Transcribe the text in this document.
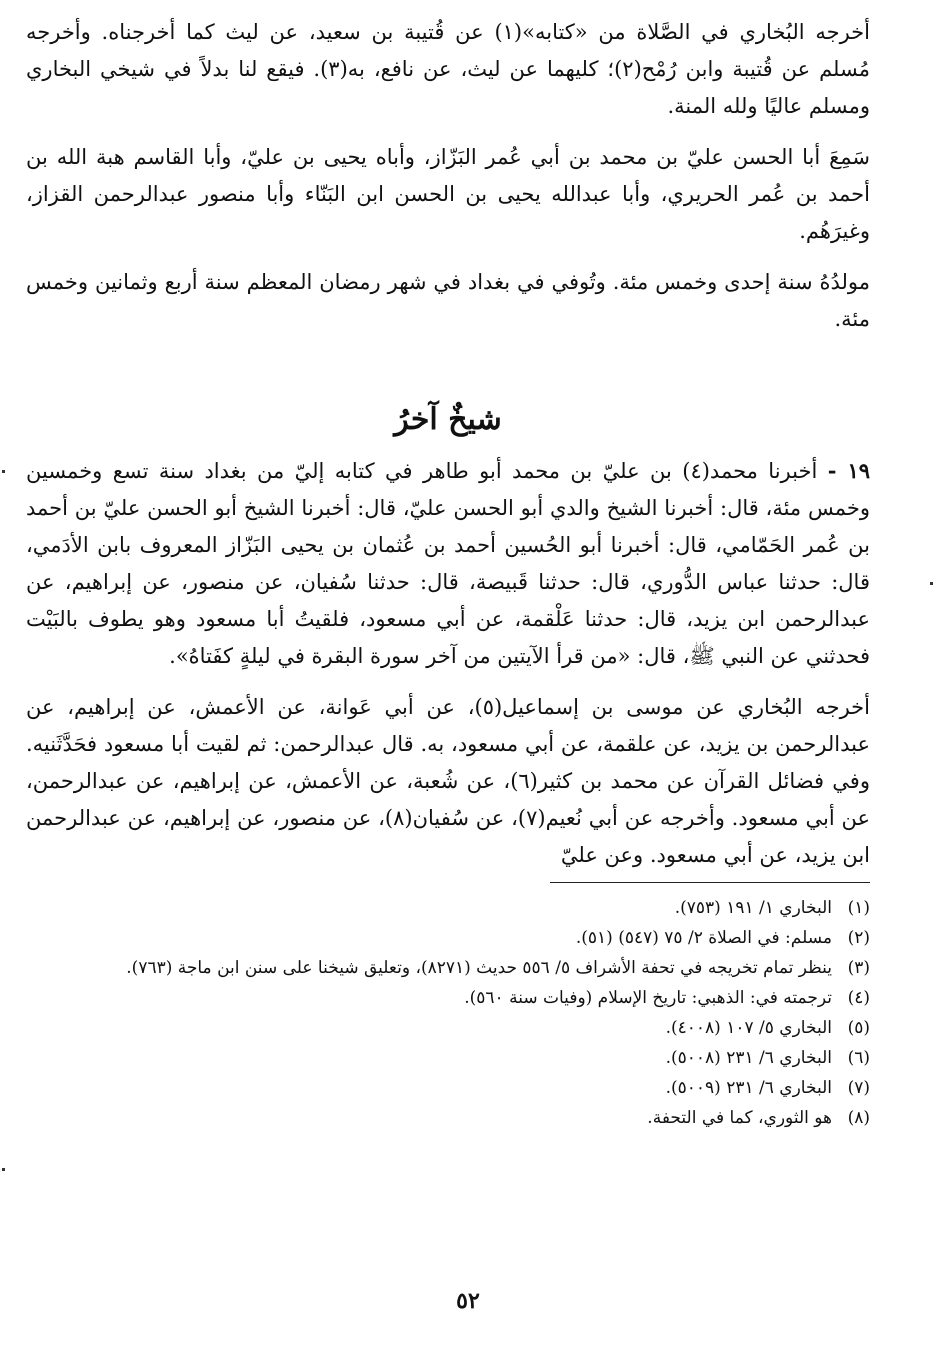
أخرجه البُخاري في الصَّلاة من «كتابه»(١) عن قُتيبة بن سعيد، عن ليث كما أخرجناه. وأخرجه مُسلم عن قُتيبة وابن رُمْح(٢)؛ كليهما عن ليث، عن نافع، به(٣). فيقع لنا بدلاً في شيخي البخاري ومسلم عاليًا ولله المنة.

سَمِعَ أبا الحسن عليّ بن محمد بن أبي عُمر البَزّاز، وأباه يحيى بن عليّ، وأبا القاسم هبة الله بن أحمد بن عُمر الحريري، وأبا عبدالله يحيى بن الحسن ابن البَنّاء وأبا منصور عبدالرحمن القزاز، وغيرَهُم.

مولدُهُ سنة إحدى وخمس مئة. وتُوفي في بغداد في شهر رمضان المعظم سنة أربع وثمانين وخمس مئة.

شيخٌ آخرُ

١٩ - أخبرنا محمد(٤) بن عليّ بن محمد أبو طاهر في كتابه إليّ من بغداد سنة تسع وخمسين وخمس مئة، قال: أخبرنا الشيخ والدي أبو الحسن عليّ، قال: أخبرنا الشيخ أبو الحسن عليّ بن أحمد بن عُمر الحَمّامي، قال: أخبرنا أبو الحُسين أحمد بن عُثمان بن يحيى البَزّاز المعروف بابن الأدَمي، قال: حدثنا عباس الدُّوري، قال: حدثنا قَبيصة، قال: حدثنا سُفيان، عن منصور، عن إبراهيم، عن عبدالرحمن ابن يزيد، قال: حدثنا عَلْقمة، عن أبي مسعود، فلقيتُ أبا مسعود وهو يطوف بالبَيْت فحدثني عن النبي ﷺ، قال: «من قرأ الآيتين من آخر سورة البقرة في ليلةٍ كفَتاهُ».

أخرجه البُخاري عن موسى بن إسماعيل(٥)، عن أبي عَوانة، عن الأعمش، عن إبراهيم، عن عبدالرحمن بن يزيد، عن علقمة، عن أبي مسعود، به. قال عبدالرحمن: ثم لقيت أبا مسعود فحَدَّثَنيه. وفي فضائل القرآن عن محمد بن كثير(٦)، عن شُعبة، عن الأعمش، عن إبراهيم، عن عبدالرحمن، عن أبي مسعود. وأخرجه عن أبي نُعيم(٧)، عن سُفيان(٨)، عن منصور، عن إبراهيم، عن عبدالرحمن ابن يزيد، عن أبي مسعود. وعن عليّ

(١)
البخاري ١/ ١٩١ (٧٥٣).
(٢)
مسلم: في الصلاة ٢/ ٧٥ (٥٤٧) (٥١).
(٣)
ينظر تمام تخريجه في تحفة الأشراف ٥/ ٥٥٦ حديث (٨٢٧١)، وتعليق شيخنا على سنن ابن ماجة (٧٦٣).
(٤)
ترجمته في: الذهبي: تاريخ الإسلام (وفيات سنة ٥٦٠).
(٥)
البخاري ٥/ ١٠٧ (٤٠٠٨).
(٦)
البخاري ٦/ ٢٣١ (٥٠٠٨).
(٧)
البخاري ٦/ ٢٣١ (٥٠٠٩).
(٨)
هو الثوري، كما في التحفة.
٥٢
